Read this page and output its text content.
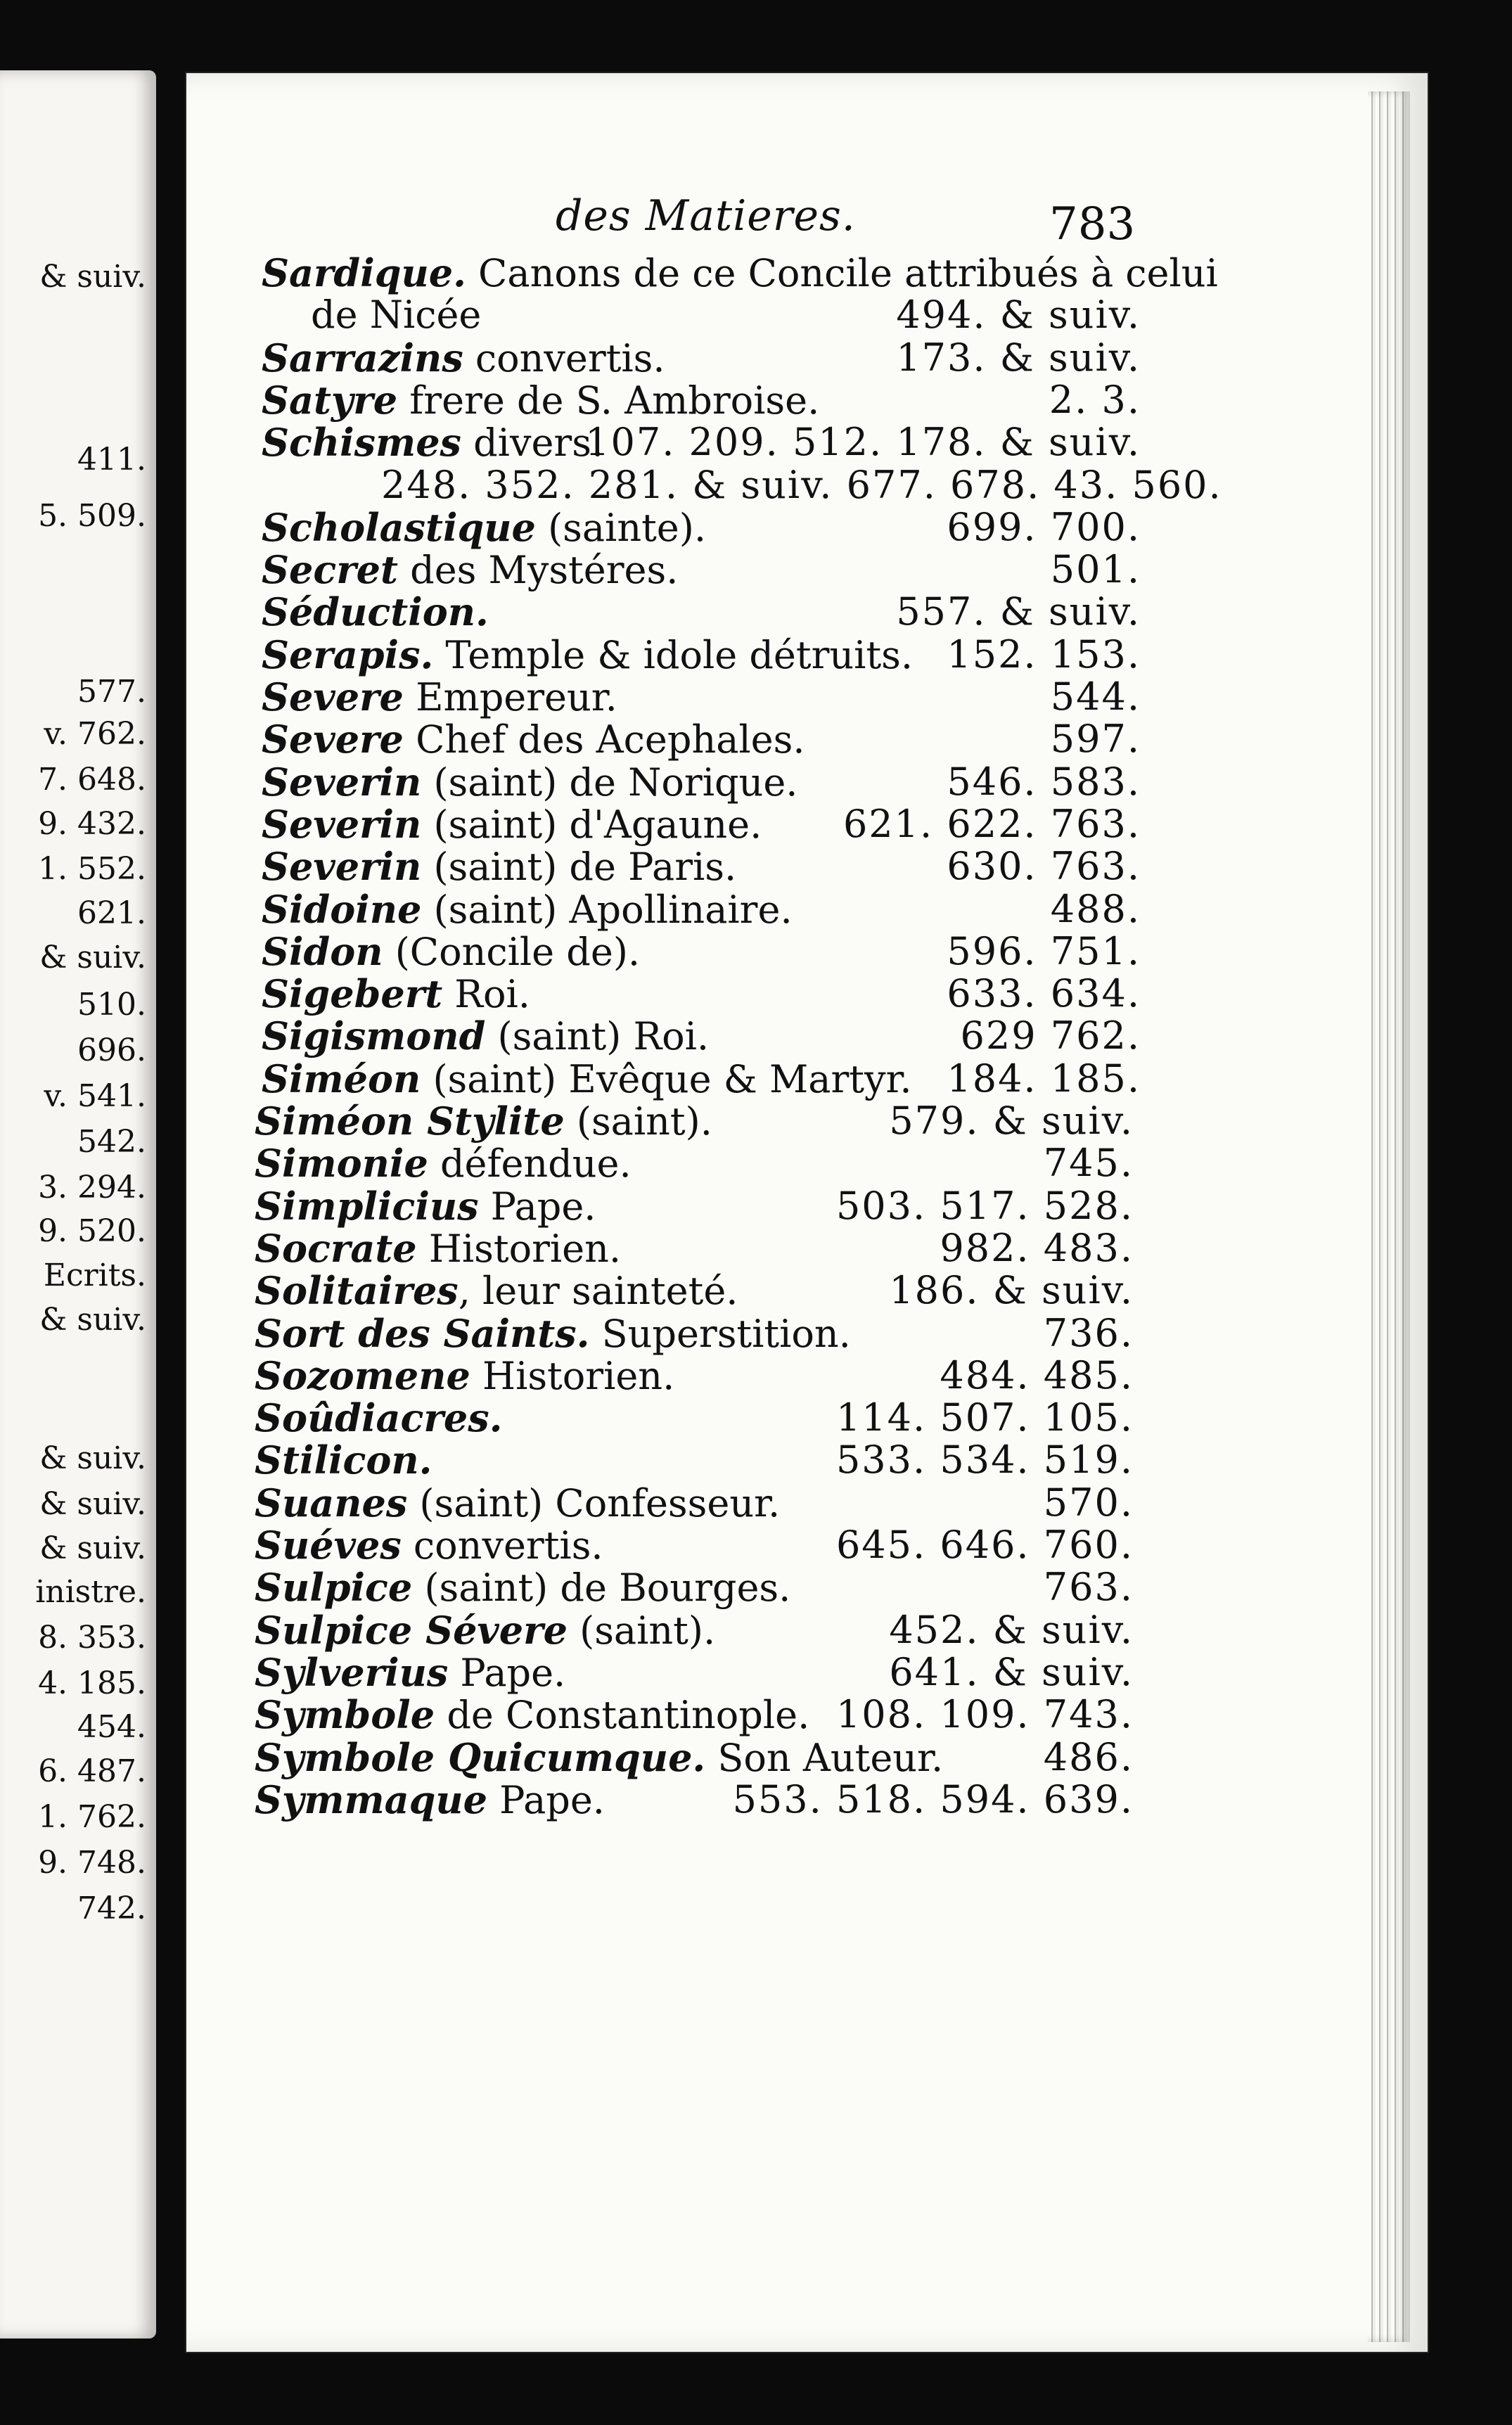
des Matieres.	783
& suiv.
411.
5. 509.
577.
v. 762.
7. 648.
9. 432.
1. 552.
621.
& suiv.
510.
696.
v. 541.
542.
3. 294.
9. 520.
Ecrits.
& suiv.
& suiv.
& suiv.
& suiv.
inistre.
8. 353.
4. 185.
454.
6. 487.
1. 762.
9. 748.
742.
Sardique. Canons de ce Concile attribués à celui
de Nicée	494. & suiv.
Sarrazins convertis.	173. & suiv.
Satyre frere de S. Ambroise.	2. 3.
Schismes divers.
107. 209. 512. 178. & suiv.
248. 352. 281. & suiv. 677. 678. 43. 560.
Scholastique (sainte).	699. 700.
Secret des Mystéres.	501.
Séduction.	557. & suiv.
Serapis. Temple & idole détruits. 152. 153.
Severe Empereur.	544.
Severe Chef des Acephales.	597.
Severin (saint) de Norique.	546. 583.
Severin (saint) d'Agaune. 621. 622. 763.
Severin (saint) de Paris.	630. 763.
Sidoine (saint) Apollinaire.	488.
Sidon (Concile de).	596. 751.
Sigebert Roi.	633. 634.
Sigismond (saint) Roi.	629 762.
Siméon (saint) Evêque & Martyr. 184. 185.
Siméon Stylite (saint).	579. & suiv.
Simonie défendue.	745.
Simplicius Pape.	503. 517. 528.
Socrate Historien.	982. 483.
Solitaires, leur sainteté.	186. & suiv.
Sort des Saints. Superstition.	736.
Sozomene Historien.	484. 485.
Soûdiacres.	114. 507. 105.
Stilicon.	533. 534. 519.
Suanes (saint) Confesseur.	570.
Suéves convertis.	645. 646. 760.
Sulpice (saint) de Bourges.	763.
Sulpice Sévere (saint).	452. & suiv.
Sylverius Pape.	641. & suiv.
Symbole de Constantinople. 108. 109. 743.
Symbole Quicumque. Son Auteur.	486.
Symmaque Pape.	553. 518. 594. 639.
